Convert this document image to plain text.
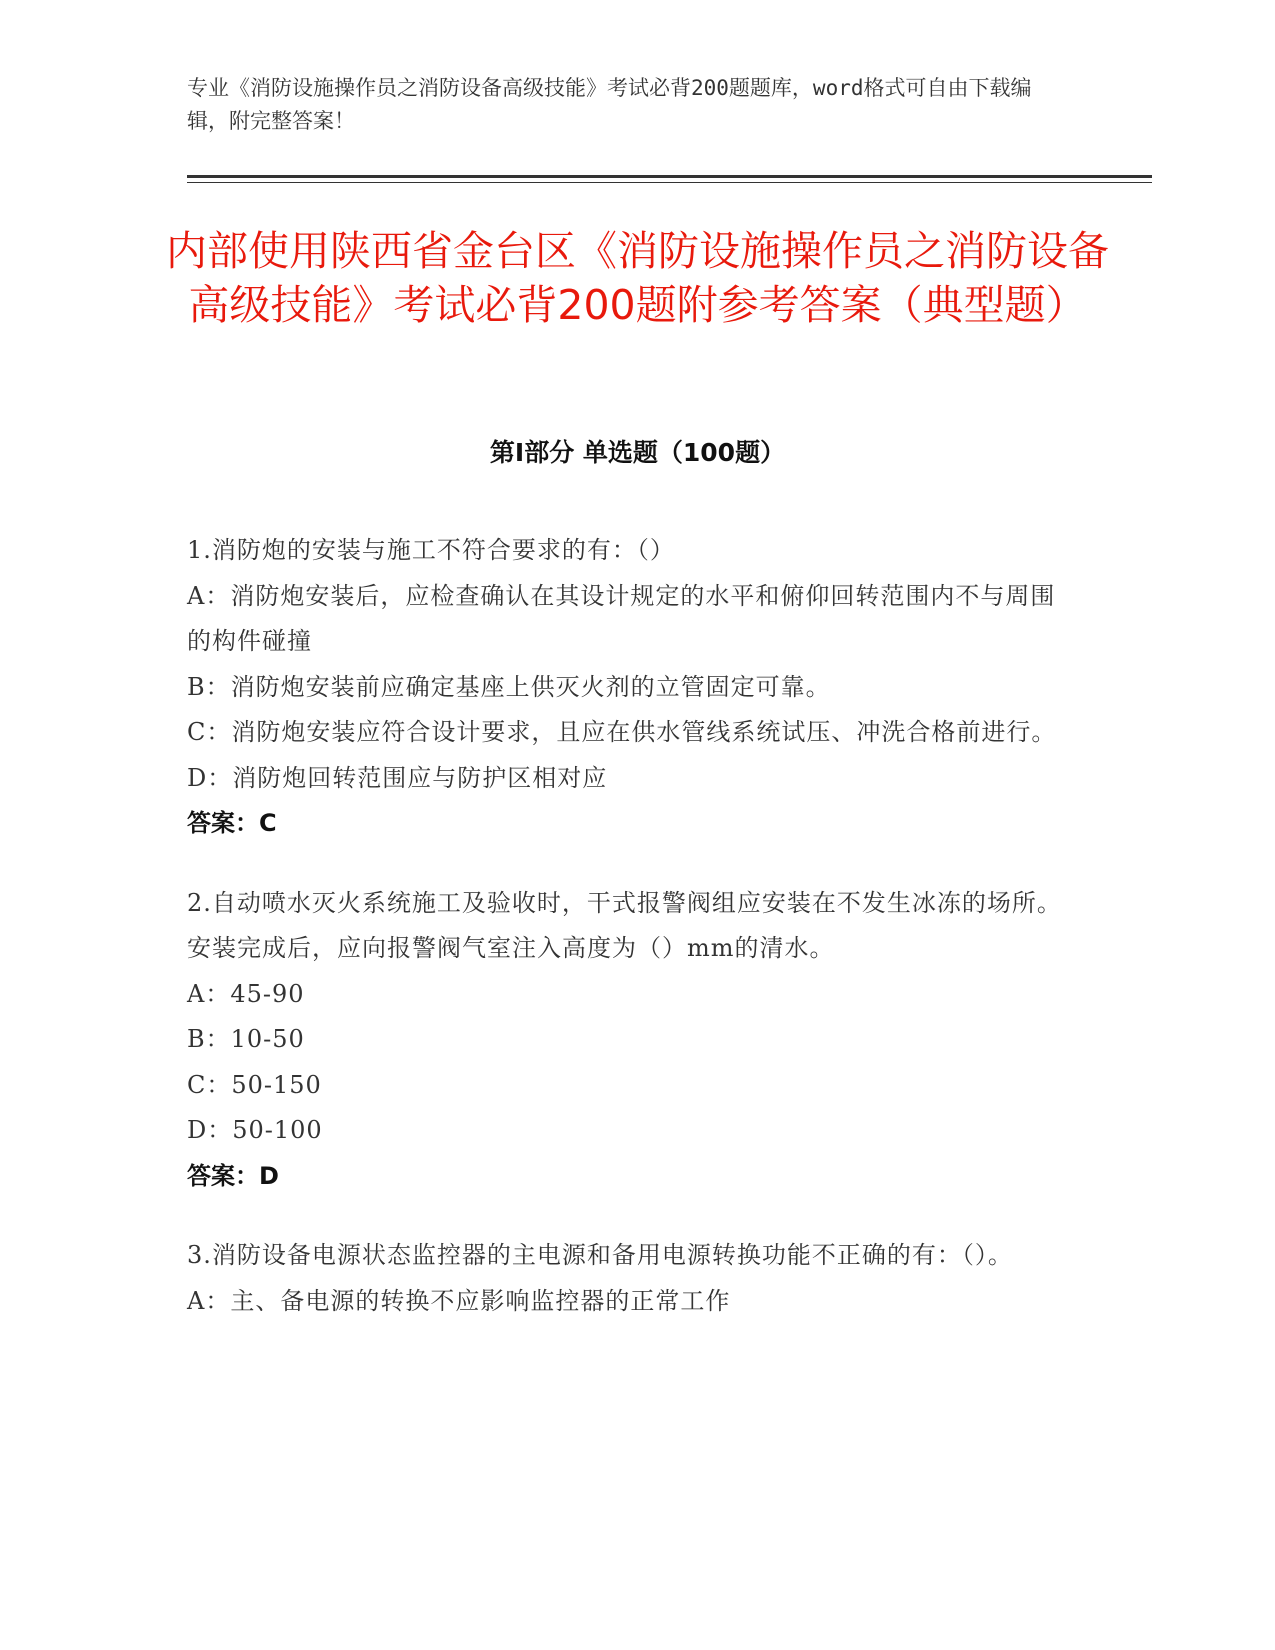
专业《消防设施操作员之消防设备高级技能》考试必背200题题库，word格式可自由下载编辑，附完整答案！
内部使用陕西省金台区《消防设施操作员之消防设备高级技能》考试必背200题附参考答案（典型题）
第Ⅰ部分 单选题（100题）
1.消防炮的安装与施工不符合要求的有：（）
A：消防炮安装后，应检查确认在其设计规定的水平和俯仰回转范围内不与周围的构件碰撞
B：消防炮安装前应确定基座上供灭火剂的立管固定可靠。
C：消防炮安装应符合设计要求，且应在供水管线系统试压、冲洗合格前进行。
D：消防炮回转范围应与防护区相对应
答案：C
2.自动喷水灭火系统施工及验收时，干式报警阀组应安装在不发生冰冻的场所。安装完成后，应向报警阀气室注入高度为（）mm的清水。
A：45-90
B：10-50
C：50-150
D：50-100
答案：D
3.消防设备电源状态监控器的主电源和备用电源转换功能不正确的有：（）。
A：主、备电源的转换不应影响监控器的正常工作
